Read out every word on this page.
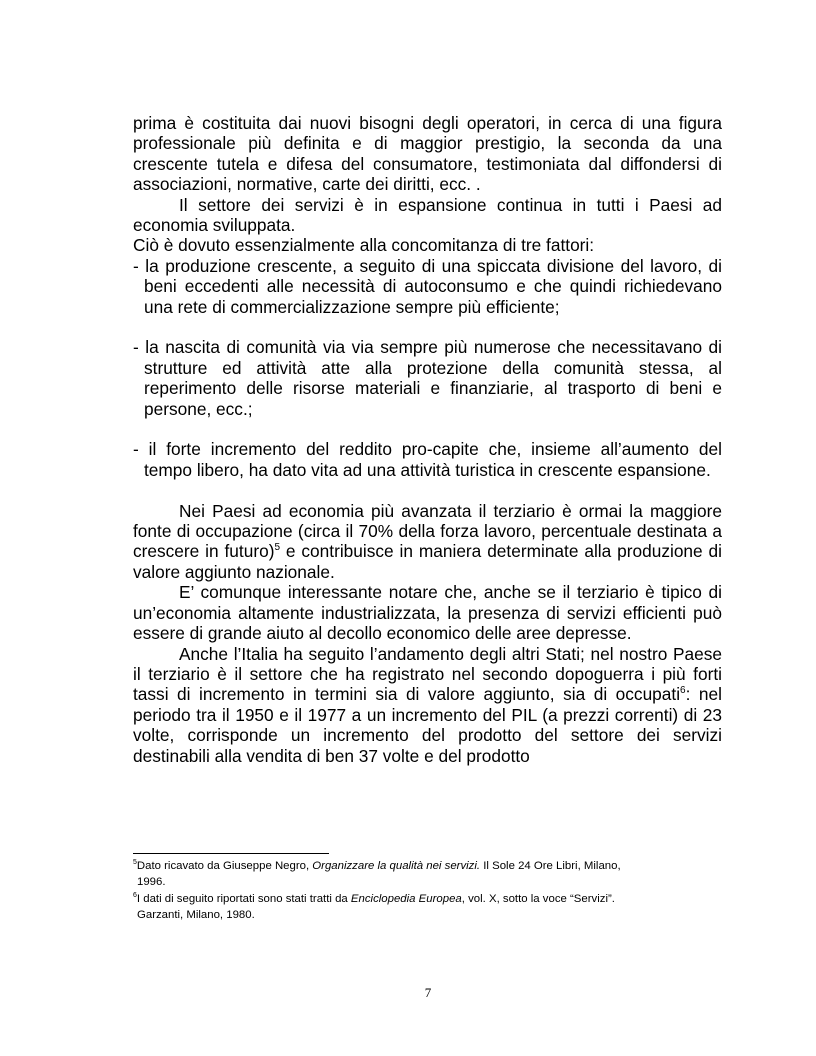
prima è costituita dai nuovi bisogni degli operatori, in cerca di una figura professionale più definita e di maggior prestigio, la seconda da una crescente tutela e difesa del consumatore, testimoniata dal diffondersi di associazioni, normative, carte dei diritti, ecc. .

Il settore dei servizi è in espansione continua in tutti i Paesi ad economia sviluppata.

Ciò è dovuto essenzialmente alla concomitanza di tre fattori:

- la produzione crescente, a seguito di una spiccata divisione del lavoro, di beni eccedenti alle necessità di autoconsumo e che quindi richiedevano una rete di commercializzazione sempre più efficiente;

- la nascita di comunità via via sempre più numerose che necessitavano di strutture ed attività atte alla protezione della comunità stessa, al reperimento delle risorse materiali e finanziarie, al trasporto di beni e persone, ecc.;

- il forte incremento del reddito pro-capite che, insieme all’aumento del tempo libero, ha dato vita ad una attività turistica in crescente espansione.

Nei Paesi ad economia più avanzata il terziario è ormai la maggiore fonte di occupazione (circa il 70% della forza lavoro, percentuale destinata a crescere in futuro)$^5$ e contribuisce in maniera determinate alla produzione di valore aggiunto nazionale.

E’ comunque interessante notare che, anche se il terziario è tipico di un’economia altamente industrializzata, la presenza di servizi efficienti può essere di grande aiuto al decollo economico delle aree depresse.

Anche l’Italia ha seguito l’andamento degli altri Stati; nel nostro Paese il terziario è il settore che ha registrato nel secondo dopoguerra i più forti tassi di incremento in termini sia di valore aggiunto, sia di occupati$^6$: nel periodo tra il 1950 e il 1977 a un incremento del PIL (a prezzi correnti) di 23 volte, corrisponde un incremento del prodotto del settore dei servizi destinabili alla vendita di ben 37 volte e del prodotto

$^5$Dato ricavato da Giuseppe Negro, Organizzare la qualità nei servizi. Il Sole 24 Ore Libri, Milano,
1996.

$^6$I dati di seguito riportati sono stati tratti da Enciclopedia Europea, vol. X, sotto la voce “Servizi”.
Garzanti, Milano, 1980.

7
